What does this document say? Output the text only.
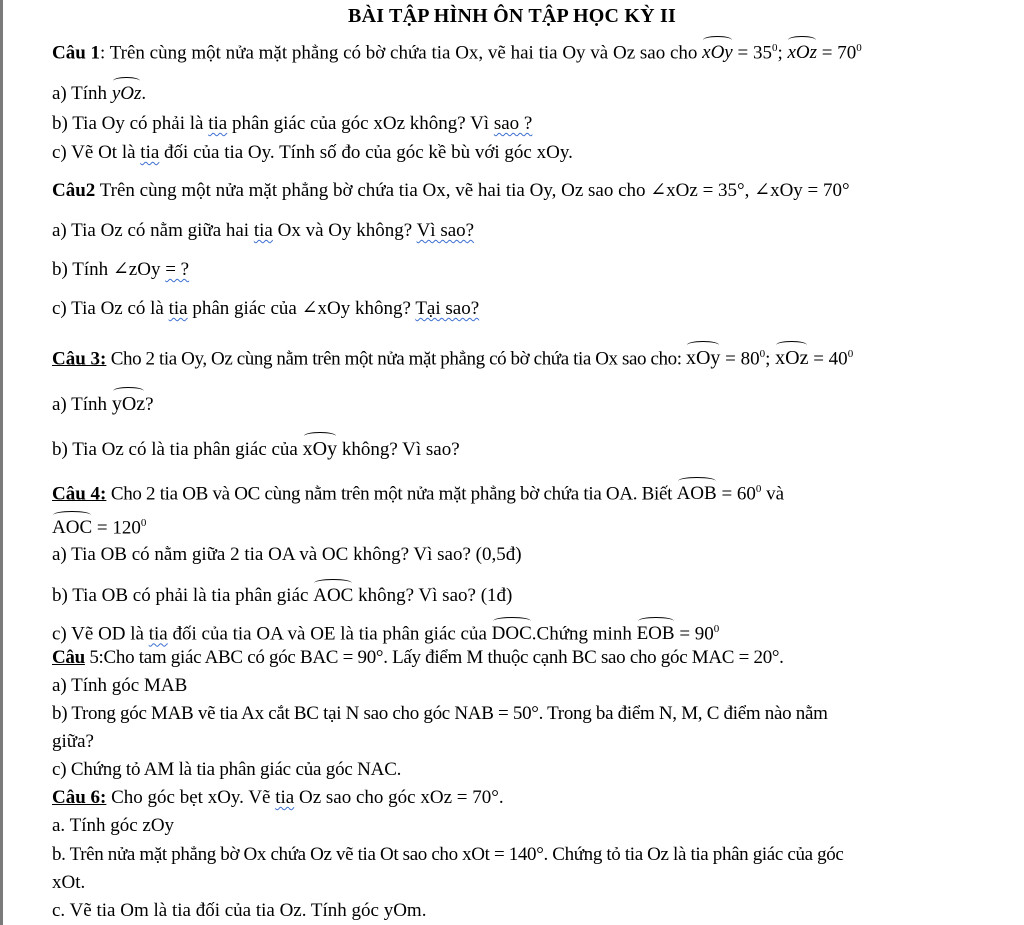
BÀI TẬP HÌNH ÔN TẬP HỌC KỲ II
Câu 1: Trên cùng một nửa mặt phẳng có bờ chứa tia Ox, vẽ hai tia Oy và Oz sao cho xOy = $35^0$; xOz = $70^0$
a) Tính yOz.
b) Tia Oy có phải là tia phân giác của góc xOz không? Vì sao ?
c) Vẽ Ot là tia đối của tia Oy. Tính số đo của góc kề bù với góc xOy.
Câu2 Trên cùng một nửa mặt phẳng bờ chứa tia Ox, vẽ hai tia Oy, Oz sao cho ∠xOz = 35°, ∠xOy = 70°
a) Tia Oz có nằm giữa hai tia Ox và Oy không? Vì sao?
b) Tính ∠zOy = ?
c) Tia Oz có là tia phân giác của ∠xOy không? Tại sao?
Câu 3: Cho 2 tia Oy, Oz cùng nằm trên một nửa mặt phẳng có bờ chứa tia Ox sao cho: xOy = $80^0$; xOz = $40^0$
a) Tính yOz?
b) Tia Oz có là tia phân giác của xOy không? Vì sao?
Câu 4: Cho 2 tia OB và OC cùng nằm trên một nửa mặt phẳng bờ chứa tia OA. Biết AOB = $60^0$ và
AOC = $120^0$
a) Tia OB có nằm giữa 2 tia OA và OC không? Vì sao? (0,5đ)
b) Tia OB có phải là tia phân giác AOC không? Vì sao? (1đ)
c) Vẽ OD là tia đối của tia OA và OE là tia phân giác của DOC.Chứng minh EOB = $90^0$
Câu 5:Cho tam giác ABC có góc BAC = 90°. Lấy điểm M thuộc cạnh BC sao cho góc MAC = 20°.
a) Tính góc MAB
b) Trong góc MAB vẽ tia Ax cắt BC tại N sao cho góc NAB = 50°. Trong ba điểm N, M, C điểm nào nằm
giữa?
c) Chứng tỏ AM là tia phân giác của góc NAC.
Câu 6: Cho góc bẹt xOy. Vẽ tia Oz sao cho góc xOz = 70°.
a. Tính góc zOy
b. Trên nửa mặt phẳng bờ Ox chứa Oz vẽ tia Ot sao cho xOt = 140°. Chứng tỏ tia Oz là tia phân giác của góc
xOt.
c. Vẽ tia Om là tia đối của tia Oz. Tính góc yOm.
